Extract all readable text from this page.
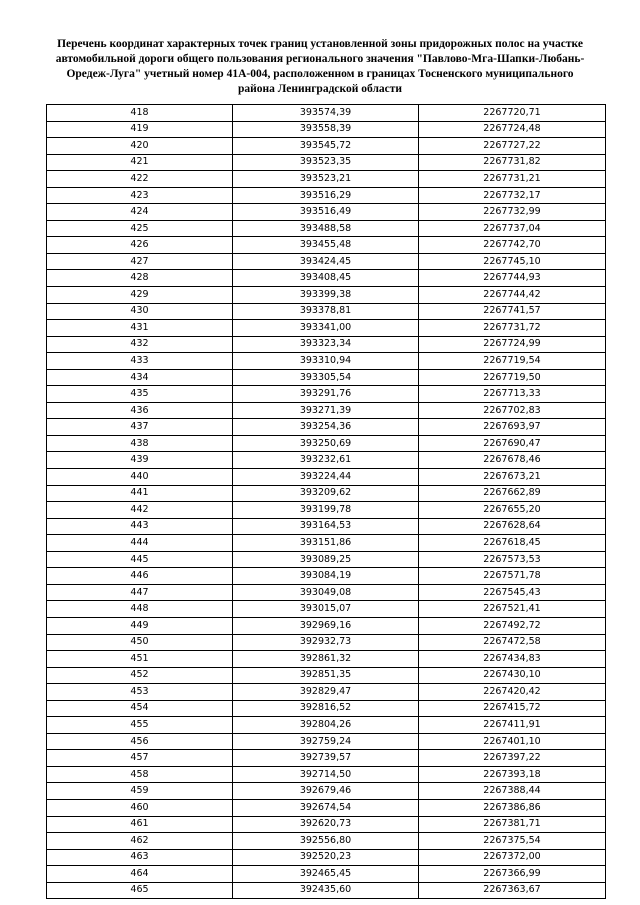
Перечень координат характерных точек границ установленной зоны придорожных полос на участке
автомобильной дороги общего пользования регионального значения "Павлово-Мга-Шапки-Любань-
Оредеж-Луга" учетный номер 41А-004, расположенном в границах Тосненского муниципального
района Ленинградской области
418	393574,39	2267720,71
419	393558,39	2267724,48
420	393545,72	2267727,22
421	393523,35	2267731,82
422	393523,21	2267731,21
423	393516,29	2267732,17
424	393516,49	2267732,99
425	393488,58	2267737,04
426	393455,48	2267742,70
427	393424,45	2267745,10
428	393408,45	2267744,93
429	393399,38	2267744,42
430	393378,81	2267741,57
431	393341,00	2267731,72
432	393323,34	2267724,99
433	393310,94	2267719,54
434	393305,54	2267719,50
435	393291,76	2267713,33
436	393271,39	2267702,83
437	393254,36	2267693,97
438	393250,69	2267690,47
439	393232,61	2267678,46
440	393224,44	2267673,21
441	393209,62	2267662,89
442	393199,78	2267655,20
443	393164,53	2267628,64
444	393151,86	2267618,45
445	393089,25	2267573,53
446	393084,19	2267571,78
447	393049,08	2267545,43
448	393015,07	2267521,41
449	392969,16	2267492,72
450	392932,73	2267472,58
451	392861,32	2267434,83
452	392851,35	2267430,10
453	392829,47	2267420,42
454	392816,52	2267415,72
455	392804,26	2267411,91
456	392759,24	2267401,10
457	392739,57	2267397,22
458	392714,50	2267393,18
459	392679,46	2267388,44
460	392674,54	2267386,86
461	392620,73	2267381,71
462	392556,80	2267375,54
463	392520,23	2267372,00
464	392465,45	2267366,99
465	392435,60	2267363,67
